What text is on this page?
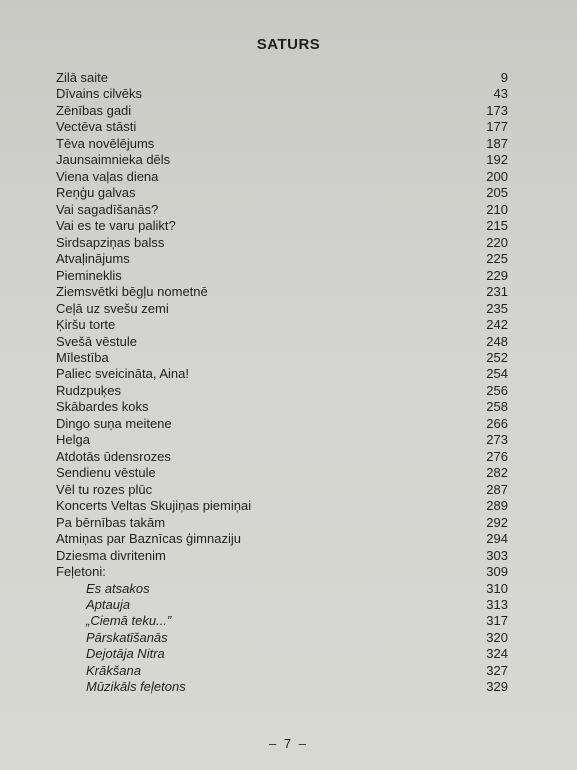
SATURS
Zilā saite	9
Dīvains cilvēks	43
Zēnības gadi	173
Vectēva stāsti	177
Tēva novēlējums	187
Jaunsaimnieka dēls	192
Viena vaļas diena	200
Reņģu galvas	205
Vai sagadīšanās?	210
Vai es te varu palikt?	215
Sirdsapziņas balss	220
Atvaļinājums	225
Piemineklis	229
Ziemsvētki bēgļu nometnē	231
Ceļā uz svešu zemi	235
Ķiršu torte	242
Svešā vēstule	248
Mīlestība	252
Paliec sveicināta, Aina!	254
Rudzpuķes	256
Skābardes koks	258
Dingo suņa meitene	266
Helga	273
Atdotās ūdensrozes	276
Sendienu vēstule	282
Vēl tu rozes plūc	287
Koncerts Veltas Skujiņas piemiņai	289
Pa bērnības takām	292
Atmiņas par Baznīcas ģimnaziju	294
Dziesma divritenim	303
Feļetoni:	309
Es atsakos	310
Aptauja	313
„Ciemā teku...”	317
Pārskatīšanās	320
Dejotāja Nitra	324
Krākšana	327
Mūzikāls feļetons	329
– 7 –
